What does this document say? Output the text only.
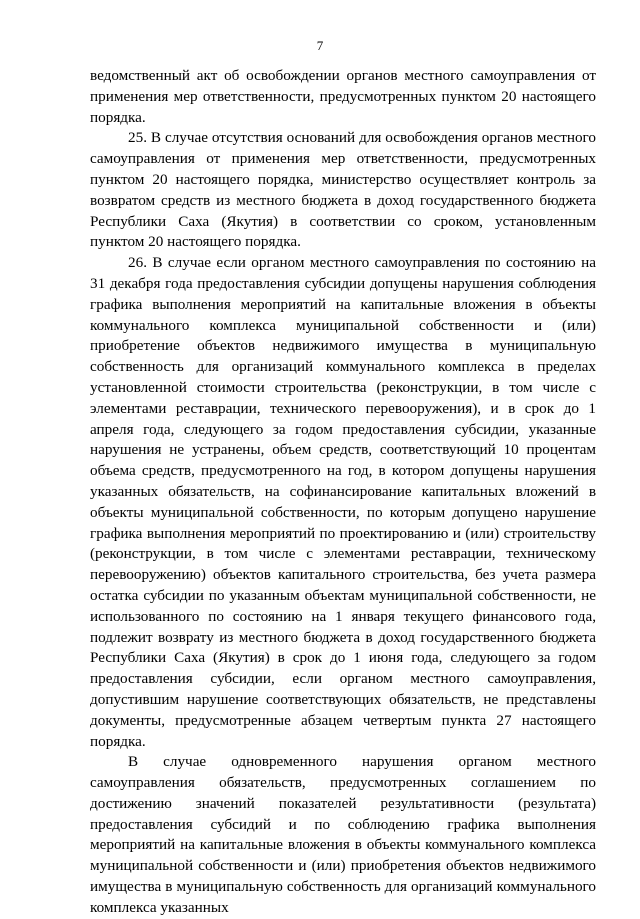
7

ведомственный акт об освобождении органов местного самоуправления от применения мер ответственности, предусмотренных пунктом 20 настоящего порядка.

25. В случае отсутствия оснований для освобождения органов местного самоуправления от применения мер ответственности, предусмотренных пунктом 20 настоящего порядка, министерство осуществляет контроль за возвратом средств из местного бюджета в доход государственного бюджета Республики Саха (Якутия) в соответствии со сроком, установленным пунктом 20 настоящего порядка.

26. В случае если органом местного самоуправления по состоянию на 31 декабря года предоставления субсидии допущены нарушения соблюдения графика выполнения мероприятий на капитальные вложения в объекты коммунального комплекса муниципальной собственности и (или) приобретение объектов недвижимого имущества в муниципальную собственность для организаций коммунального комплекса в пределах установленной стоимости строительства (реконструкции, в том числе с элементами реставрации, технического перевооружения), и в срок до 1 апреля года, следующего за годом предоставления субсидии, указанные нарушения не устранены, объем средств, соответствующий 10 процентам объема средств, предусмотренного на год, в котором допущены нарушения указанных обязательств, на софинансирование капитальных вложений в объекты муниципальной собственности, по которым допущено нарушение графика выполнения мероприятий по проектированию и (или) строительству (реконструкции, в том числе с элементами реставрации, техническому перевооружению) объектов капитального строительства, без учета размера остатка субсидии по указанным объектам муниципальной собственности, не использованного по состоянию на 1 января текущего финансового года, подлежит возврату из местного бюджета в доход государственного бюджета Республики Саха (Якутия) в срок до 1 июня года, следующего за годом предоставления субсидии, если органом местного самоуправления, допустившим нарушение соответствующих обязательств, не представлены документы, предусмотренные абзацем четвертым пункта 27 настоящего порядка.

В случае одновременного нарушения органом местного самоуправления обязательств, предусмотренных соглашением по достижению значений показателей результативности (результата) предоставления субсидий и по соблюдению графика выполнения мероприятий на капитальные вложения в объекты коммунального комплекса муниципальной собственности и (или) приобретения объектов недвижимого имущества в муниципальную собственность для организаций коммунального комплекса указанных
